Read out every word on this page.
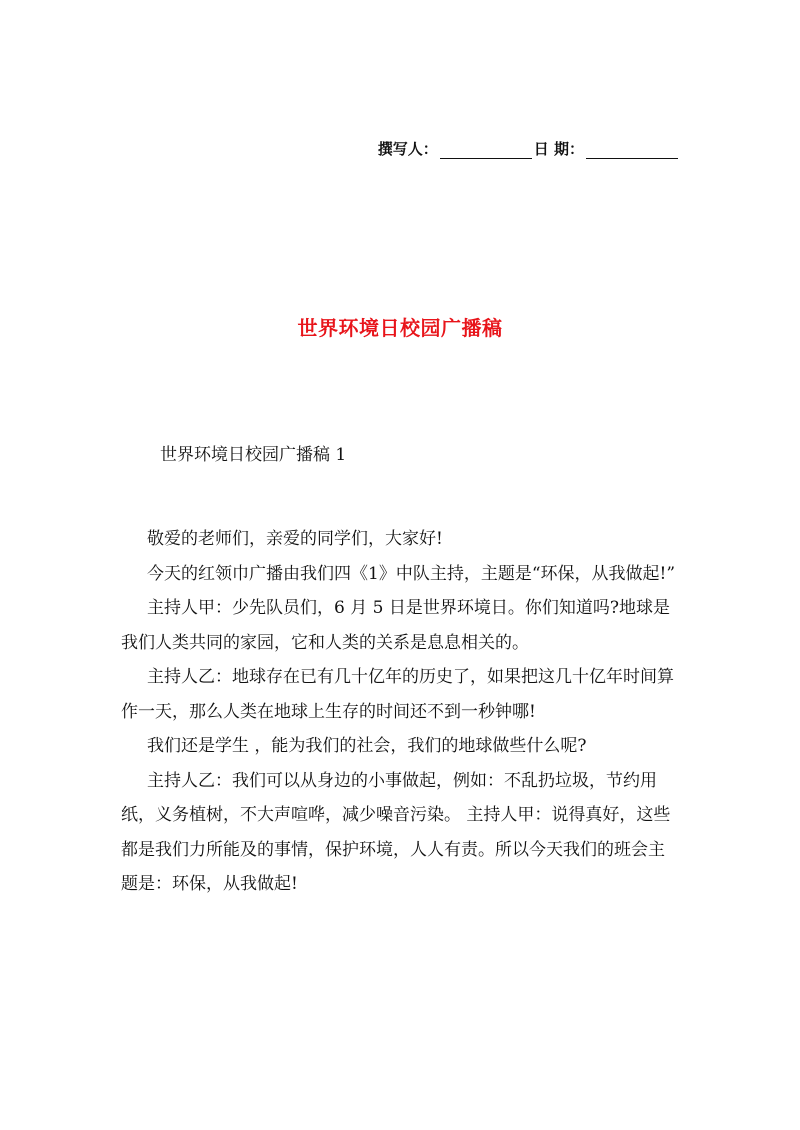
撰写人：	日 期：
世界环境日校园广播稿
世界环境日校园广播稿 1

敬爱的老师们，亲爱的同学们，大家好!

今天的红领巾广播由我们四《1》中队主持，主题是“环保，从我做起!”

主持人甲：少先队员们，6 月 5 日是世界环境日。你们知道吗?地球是我们人类共同的家园，它和人类的关系是息息相关的。

主持人乙：地球存在已有几十亿年的历史了，如果把这几十亿年时间算作一天，那么人类在地球上生存的时间还不到一秒钟哪!

我们还是学生 ，能为我们的社会，我们的地球做些什么呢?

主持人乙：我们可以从身边的小事做起，例如：不乱扔垃圾，节约用纸，义务植树，不大声喧哗，减少噪音污染。 主持人甲：说得真好，这些都是我们力所能及的事情，保护环境，人人有责。所以今天我们的班会主题是：环保，从我做起!
